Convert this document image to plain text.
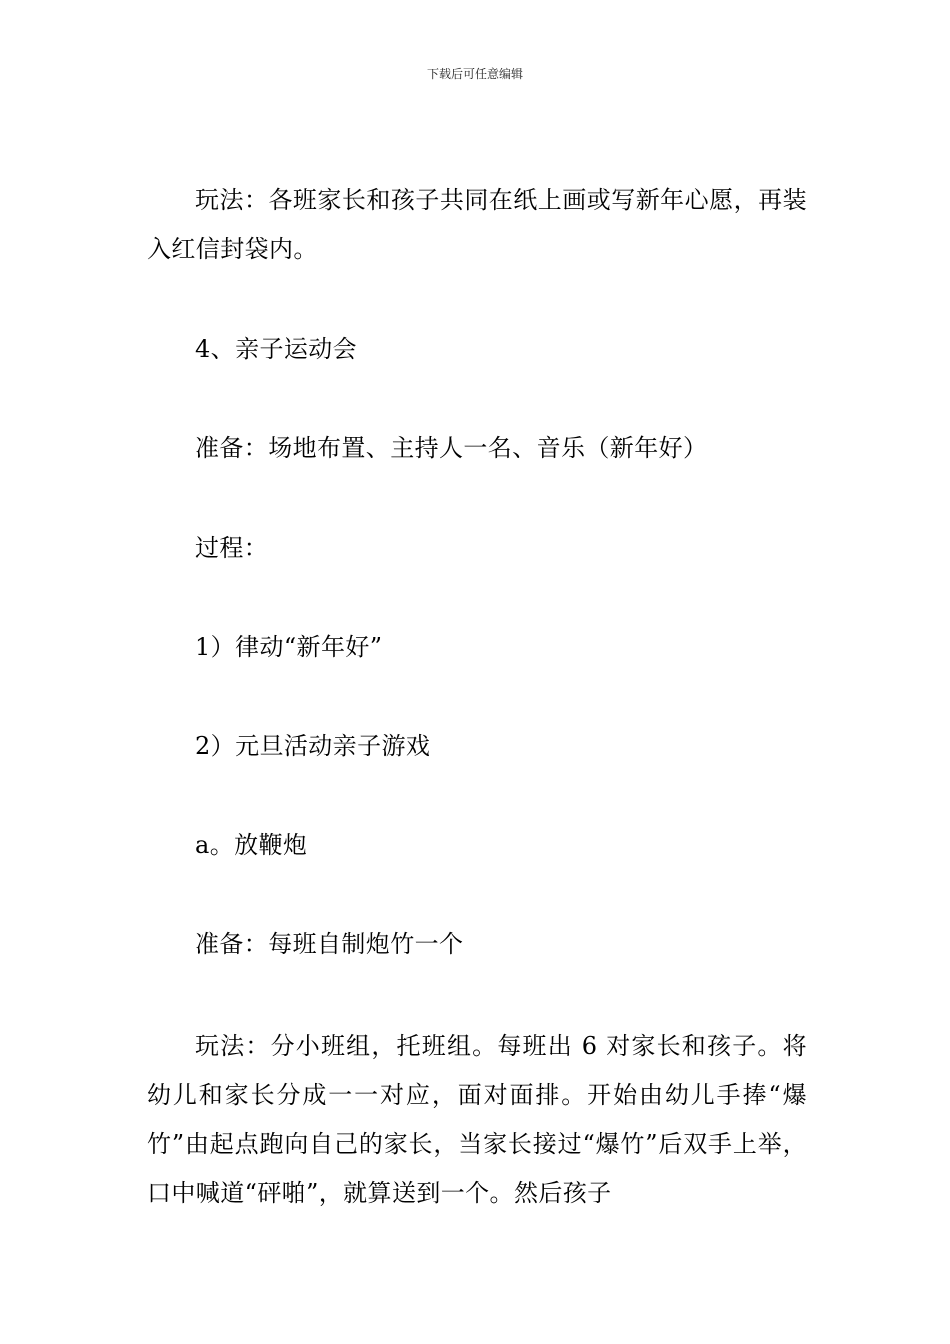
下载后可任意编辑

玩法：各班家长和孩子共同在纸上画或写新年心愿，再装入红信封袋内。

4、亲子运动会

准备：场地布置、主持人一名、音乐（新年好）

过程：

1）律动“新年好”

2）元旦活动亲子游戏

a。放鞭炮

准备：每班自制炮竹一个

玩法：分小班组，托班组。每班出 6 对家长和孩子。将幼儿和家长分成一一对应，面对面排。开始由幼儿手捧“爆竹”由起点跑向自己的家长，当家长接过“爆竹”后双手上举，口中喊道“砰啪”，就算送到一个。然后孩子
